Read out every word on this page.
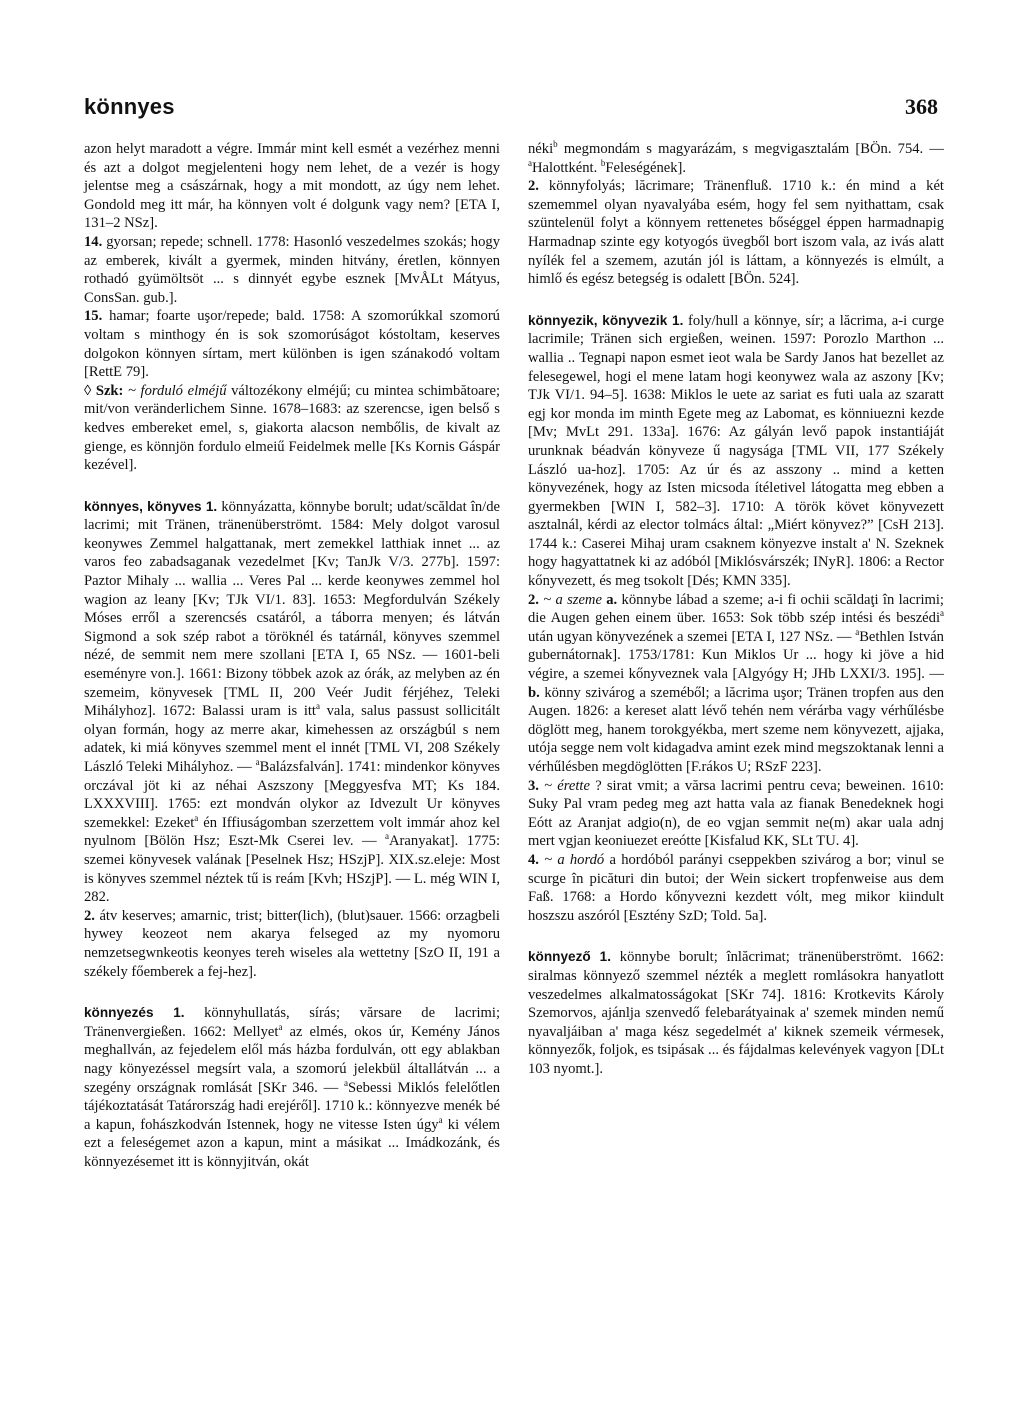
könnyes	368

azon helyt maradott a végre. Immár mint kell esmét a vezérhez menni és azt a dolgot megjelenteni hogy nem lehet, de a vezér is hogy jelentse meg a császárnak, hogy a mit mondott, az úgy nem lehet. Gondold meg itt már, ha könnyen volt é dolgunk vagy nem? [ETA I, 131–2 NSz].

14. gyorsan; repede; schnell. 1778: Hasonló veszedelmes szokás; hogy az emberek, kivált a gyermek, minden hitvány, éretlen, könnyen rothadó gyümöltsöt ... s dinnyét egybe esznek [MvÅLt Mátyus, ConsSan. gub.].

15. hamar; foarte uşor/repede; bald. 1758: A szomorúkkal szomorú voltam s minthogy én is sok szomorúságot kóstoltam, keserves dolgokon könnyen sírtam, mert különben is igen szánakodó voltam [RettE 79].

◊ Szk: ~ forduló elméjű változékony elméjű; cu mintea schimbătoare; mit/von veränderlichem Sinne. 1678–1683: az szerencse, igen belső s kedves embereket emel, s, giakorta alacson nembőlis, de kivalt az gienge, es könnjön fordulo elmeiű Feidelmek melle [Ks Kornis Gáspár kezével].

könnyes, könyves 1. könnyázatta, könnybe borult; udat/scăldat în/de lacrimi; mit Tränen, tränenüberströmt. 1584: Mely dolgot varosul keonywes Zemmel halgattanak, mert zemekkel latthiak innet ... az varos feo zabadsaganak vezedelmet [Kv; TanJk V/3. 277b]. 1597: Paztor Mihaly ... wallia ... Veres Pal ... kerde keonywes zemmel hol wagion az leany [Kv; TJk VI/1. 83]. 1653: Megfordulván Székely Móses erről a szerencsés csatáról, a táborra menyen; és látván Sigmond a sok szép rabot a töröknél és tatárnál, könyves szemmel nézé, de semmit nem mere szollani [ETA I, 65 NSz. — 1601-beli eseményre von.]. 1661: Bizony többek azok az órák, az melyben az én szemeim, könyvesek [TML II, 200 Veér Judit férjéhez, Teleki Mihályhoz]. 1672: Balassi uram is itt$^a$ vala, salus passust sollicitált olyan formán, hogy az merre akar, kimehessen az országbúl s nem adatek, ki miá könyves szemmel ment el innét [TML VI, 208 Székely László Teleki Mihályhoz. — $^a$Balázsfalván]. 1741: mindenkor könyves orczával jöt ki az néhai Aszszony [Meggyesfva MT; Ks 184. LXXXVIII]. 1765: ezt mondván olykor az Idvezult Ur könyves szemekkel: Ezeket$^a$ én Iffiuságomban szerzettem volt immár ahoz kel nyulnom [Bölön Hsz; Eszt-Mk Cserei lev. — $^a$Aranyakat]. 1775: szemei könyvesek valának [Peselnek Hsz; HSzjP]. XIX.sz.eleje: Most is könyves szemmel néztek tű is reám [Kvh; HSzjP]. — L. még WIN I, 282.

2. átv keserves; amarnic, trist; bitter(lich), (blut)sauer. 1566: orzagbeli hywey keozeot nem akarya felseged az my nyomoru nemzetsegwnkeotis keonyes tereh wiseles ala wettetny [SzO II, 191 a székely főemberek a fej-hez].

könnyezés 1. könnyhullatás, sírás; vărsare de lacrimi; Tränenvergießen. 1662: Mellyet$^a$ az elmés, okos úr, Kemény János meghallván, az fejedelem elől más házba fordulván, ott egy ablakban nagy könyezéssel megsírt vala, a szomorú jelekbül általlátván ... a szegény országnak romlását [SKr 346. — $^a$Sebessi Miklós felelőtlen tájékoztatását Tatárország hadi erejéről]. 1710 k.: könnyezve menék bé a kapun, fohászkodván Istennek, hogy ne vitesse Isten úgy$^a$ ki vélem ezt a feleségemet azon a kapun, mint a másikat ... Imádkozánk, és könnyezésemet itt is könnyjitván, okát

néki$^b$ megmondám s magyarázám, s megvigasztalám [BÖn. 754. — $^a$Halottként. $^b$Feleségének].

2. könnyfolyás; lăcrimare; Tränenfluß. 1710 k.: én mind a két szememmel olyan nyavalyába esém, hogy fel sem nyithattam, csak szüntelenül folyt a könnyem rettenetes bőséggel éppen harmadnapig Harmadnap szinte egy kotyogós üvegből bort iszom vala, az ivás alatt nyílék fel a szemem, azután jól is láttam, a könnyezés is elmúlt, a himlő és egész betegség is odalett [BÖn. 524].

könnyezik, könyvezik 1. foly/hull a könnye, sír; a lăcrima, a-i curge lacrimile; Tränen sich ergießen, weinen. 1597: Porozlo Marthon ... wallia .. Tegnapi napon esmet ieot wala be Sardy Janos hat bezellet az felesegewel, hogi el mene latam hogi keonywez wala az aszony [Kv; TJk VI/1. 94–5]. 1638: Miklos le uete az sariat es futi uala az szaratt egj kor monda im minth Egete meg az Labomat, es könniuezni kezde [Mv; MvLt 291. 133a]. 1676: Az gályán levő papok instantiáját urunknak béadván könyveze ű nagysága [TML VII, 177 Székely László ua-hoz]. 1705: Az úr és az asszony .. mind a ketten könyvezének, hogy az Isten micsoda ítéletivel látogatta meg ebben a gyermekben [WIN I, 582–3]. 1710: A török követ könyvezett asztalnál, kérdi az elector tolmács által: „Miért könyvez?” [CsH 213]. 1744 k.: Caserei Mihaj uram csaknem könyezve instalt a' N. Szeknek hogy hagyattatnek ki az adóból [Miklósvárszék; INyR]. 1806: a Rector kőnyvezett, és meg tsokolt [Dés; KMN 335].

2. ~ a szeme a. könnybe lábad a szeme; a-i fi ochii scăldaţi în lacrimi; die Augen gehen einem über. 1653: Sok több szép intési és beszédi$^a$ után ugyan könyvezének a szemei [ETA I, 127 NSz. — $^a$Bethlen István gubernátornak]. 1753/1781: Kun Miklos Ur ... hogy ki jöve a hid végire, a szemei kőnyveznek vala [Algyógy H; JHb LXXI/3. 195]. — b. könny szivárog a szeméből; a lăcrima uşor; Tränen tropfen aus den Augen. 1826: a kereset alatt lévő tehén nem vérárba vagy vérhűlésbe döglött meg, hanem torokgyékba, mert szeme nem könyvezett, ajjaka, utója segge nem volt kidagadva amint ezek mind megszoktanak lenni a vérhűlésben megdöglötten [F.rákos U; RSzF 223].

3. ~ érette ? sirat vmit; a vărsa lacrimi pentru ceva; beweinen. 1610: Suky Pal vram pedeg meg azt hatta vala az fianak Benedeknek hogi Eótt az Aranjat adgio(n), de eo vgjan semmit ne(m) akar uala adnj mert vgjan keoniuezet ereótte [Kisfalud KK, SLt TU. 4].

4. ~ a hordó a hordóból parányi cseppekben szivárog a bor; vinul se scurge în picături din butoi; der Wein sickert tropfenweise aus dem Faß. 1768: a Hordo kőnyvezni kezdett vólt, meg mikor kiindult hoszszu aszóról [Esztény SzD; Told. 5a].

könnyező 1. könnybe borult; înlăcrimat; tränenüberströmt. 1662: siralmas könnyező szemmel nézték a meglett romlásokra hanyatlott veszedelmes alkalmatosságokat [SKr 74]. 1816: Krotkevits Károly Szemorvos, ajánlja szenvedő felebarátyainak a' szemek minden nemű nyavaljáiban a' maga kész segedelmét a' kiknek szemeik vérmesek, könnyezők, foljok, es tsipásak ... és fájdalmas kelevények vagyon [DLt 103 nyomt.].
